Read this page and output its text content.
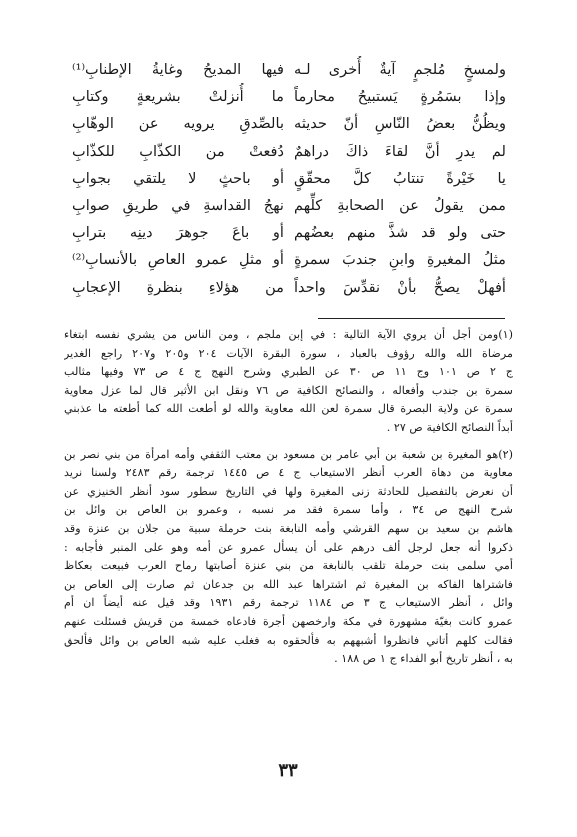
ولمسخٍ مُلجمٍ آيةٌ أُخرى لـه
فيها المديحُ وغايةُ الإطنابِ⁽¹⁾
وإذا بسَمُرةٍ يَستبيحُ محارماً
ما أُنزلتْ بشريعةٍ وكتابِ
ويظُنُّ بعضُ النّاسِ أنّ حديثه
بالصِّدقِ يرويه عن الوهّابِ
لم يدرِ أنَّ لقاءَ ذاكَ دراهمٌ
دُفعتْ من الكذّابِ للكذّابِ
يا خَيْرةً تنتابُ كلَّ محقّقٍ
أو باحثٍ لا يلتقي بجوابِ
ممن يقولُ عن الصحابةِ كلِّهم
نهجُ القداسةِ في طريقِ صوابِ
حتى ولو قد شذَّ منهم بعضُهم
أو باعَ جوهرَ دينِه بترابِ
مثلُ المغيرةِ وابنِ جندبَ سمرةٍ
أو مثلِ عمرو العاصِ بالأنسابِ⁽²⁾
أفهلْ يصحُّ بأنْ نقدِّسَ واحداً
من هؤلاءِ بنظرةِ الإعجابِ
(١)ومن أجل أن يروي الآية التالية : في إبن ملجم ، ومن الناس من يشري نفسه ابتغاء
مرضاة الله والله رؤوف بالعباد ، سورة البقرة الآيات ٢٠٤ و٢٠٥ و٢٠٧ راجع الغدير
ج ٢ ص ١٠١ وج ١١ ص ٣٠ عن الطبري وشرح النهج ج ٤ ص ٧٣ وفيها مثالب
سمرة بن جندب وأفعاله ، والنصائح الكافية ص ٧٦ ونقل ابن الأثير قال لما عزل معاوية
سمرة عن ولاية البصرة قال سمرة لعن الله معاوية والله لو أطعت الله كما أطعته ما عذبني
أبداً النصائح الكافية ص ٢٧ .
(٢)هو المغيرة بن شعبة بن أبي عامر بن مسعود بن معتب الثقفي وأمه امرأة من بني نصر بن
معاوية من دهاة العرب أنظر الاستيعاب ج ٤ ص ١٤٤٥ ترجمة رقم ٢٤٨٣ ولسنا نريد
أن نعرض بالتفصيل للحادثة زنى المغيرة ولها في التاريخ سطور سود أنظر الخنيزي عن
شرح النهج ص ٣٤ ، وأما سمرة فقد مر نسبه ، وعمرو بن العاص بن وائل بن
هاشم بن سعيد بن سهم القرشي وأمه النابغة بنت حرملة سبية من جلان بن عنزة وقد
ذكروا أنه جعل لرجل ألف درهم على أن يسأل عمرو عن أمه وهو على المنبر فأجابه :
أمي سلمى بنت حرملة تلقب بالنابغة من بني عنزة أصابتها رماح العرب فبيعت بعكاظ
فاشتراها الفاكه بن المغيرة ثم اشتراها عبد الله بن جدعان ثم صارت إلى العاص بن
وائل ، أنظر الاستيعاب ج ٣ ص ١١٨٤ ترجمة رقم ١٩٣١ وقد قيل عنه أيضاً ان أم
عمرو كانت بغيّة مشهورة في مكة وارخصهن أجرة فادعاه خمسة من قريش فسئلت عنهم
فقالت كلهم أتاني فانظروا أشبههم به فألحقوه به فغلب عليه شبه العاص بن وائل فألحق
به ، أنظر تاريخ أبو الفداء ج ١ ص ١٨٨ .
٣٣
